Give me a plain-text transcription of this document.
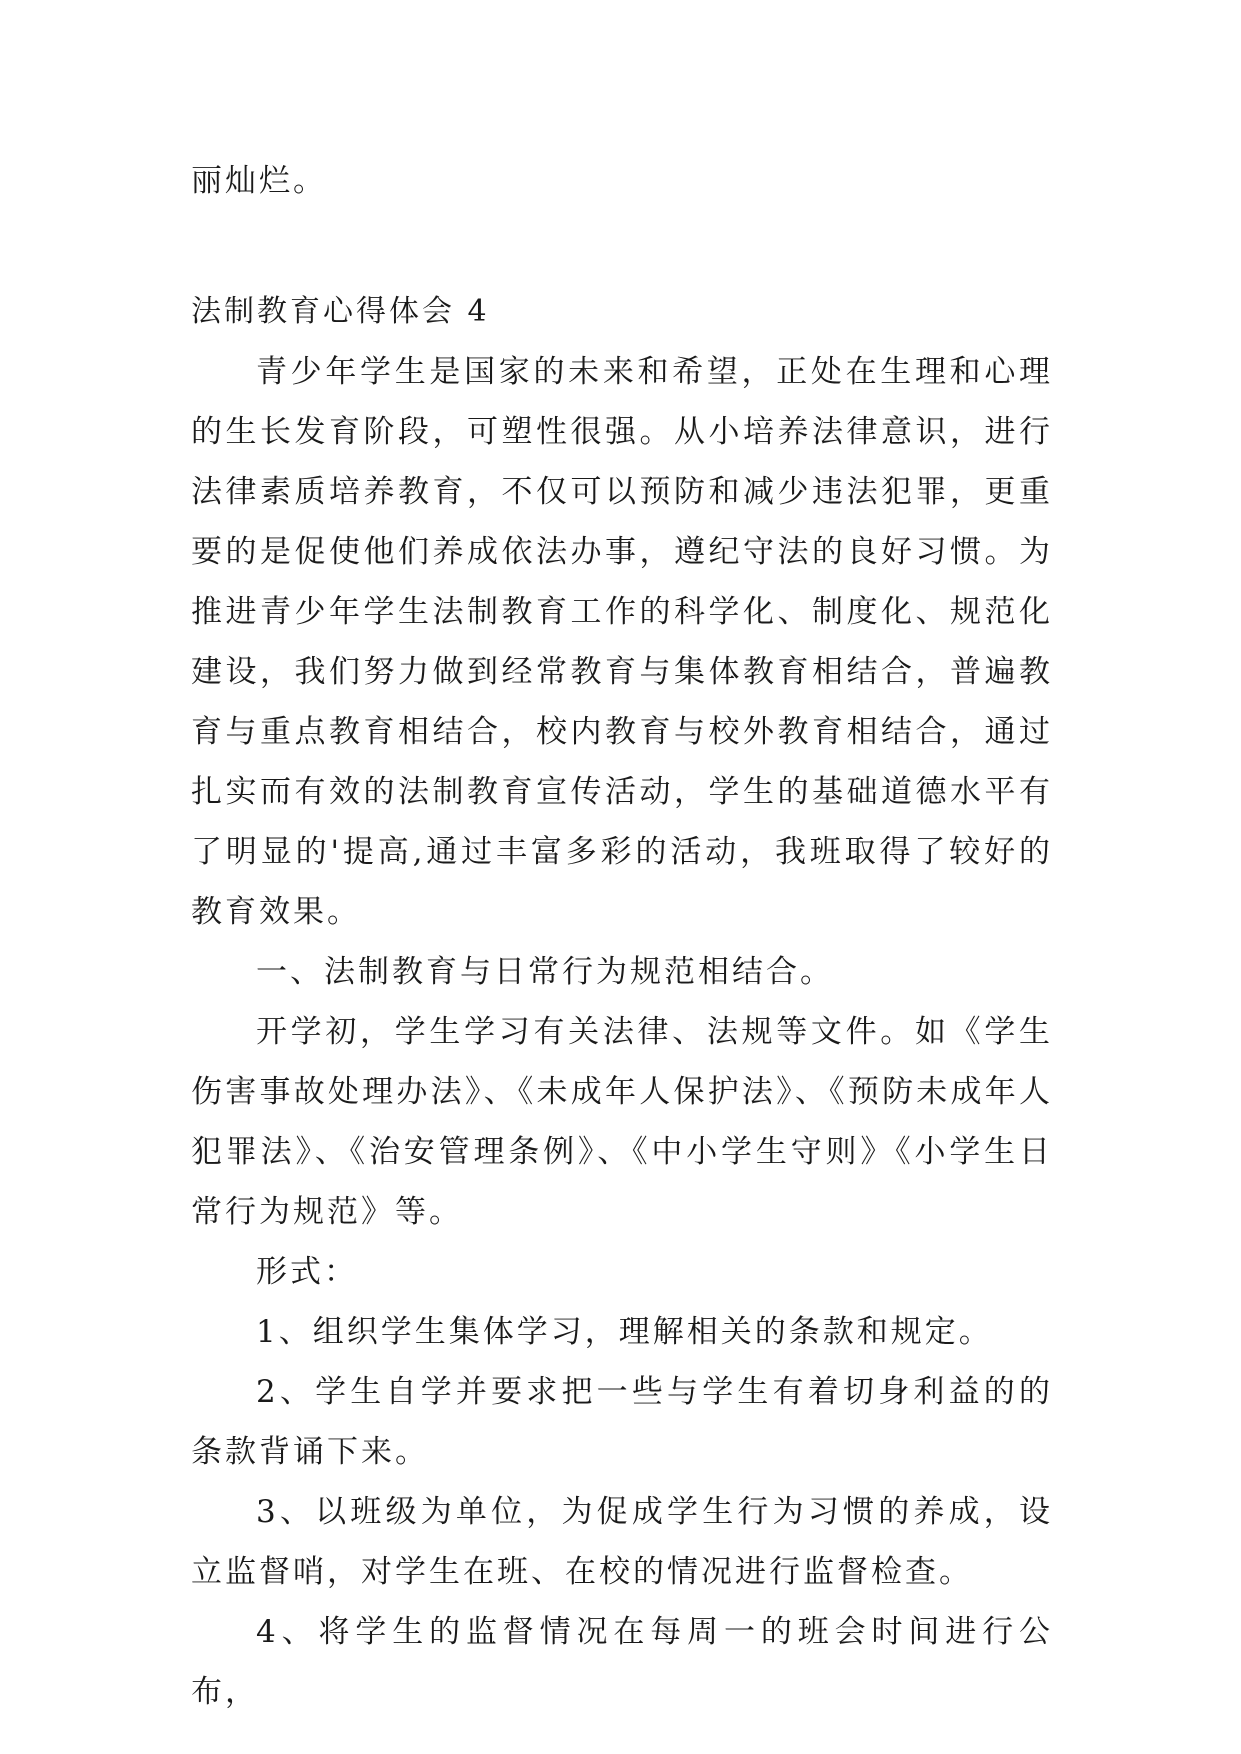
丽灿烂。

法制教育心得体会 4

青少年学生是国家的未来和希望，正处在生理和心理的生长发育阶段，可塑性很强。从小培养法律意识，进行法律素质培养教育，不仅可以预防和减少违法犯罪，更重要的是促使他们养成依法办事，遵纪守法的良好习惯。为推进青少年学生法制教育工作的科学化、制度化、规范化建设，我们努力做到经常教育与集体教育相结合，普遍教育与重点教育相结合，校内教育与校外教育相结合，通过扎实而有效的法制教育宣传活动，学生的基础道德水平有了明显的'提高,通过丰富多彩的活动，我班取得了较好的教育效果。

一、法制教育与日常行为规范相结合。

开学初，学生学习有关法律、法规等文件。如《学生伤害事故处理办法》、《未成年人保护法》、《预防未成年人犯罪法》、《治安管理条例》、《中小学生守则》《小学生日常行为规范》等。

形式：

1、组织学生集体学习，理解相关的条款和规定。

2、学生自学并要求把一些与学生有着切身利益的的条款背诵下来。

3、以班级为单位，为促成学生行为习惯的养成，设立监督哨，对学生在班、在校的情况进行监督检查。

4、将学生的监督情况在每周一的班会时间进行公布，
